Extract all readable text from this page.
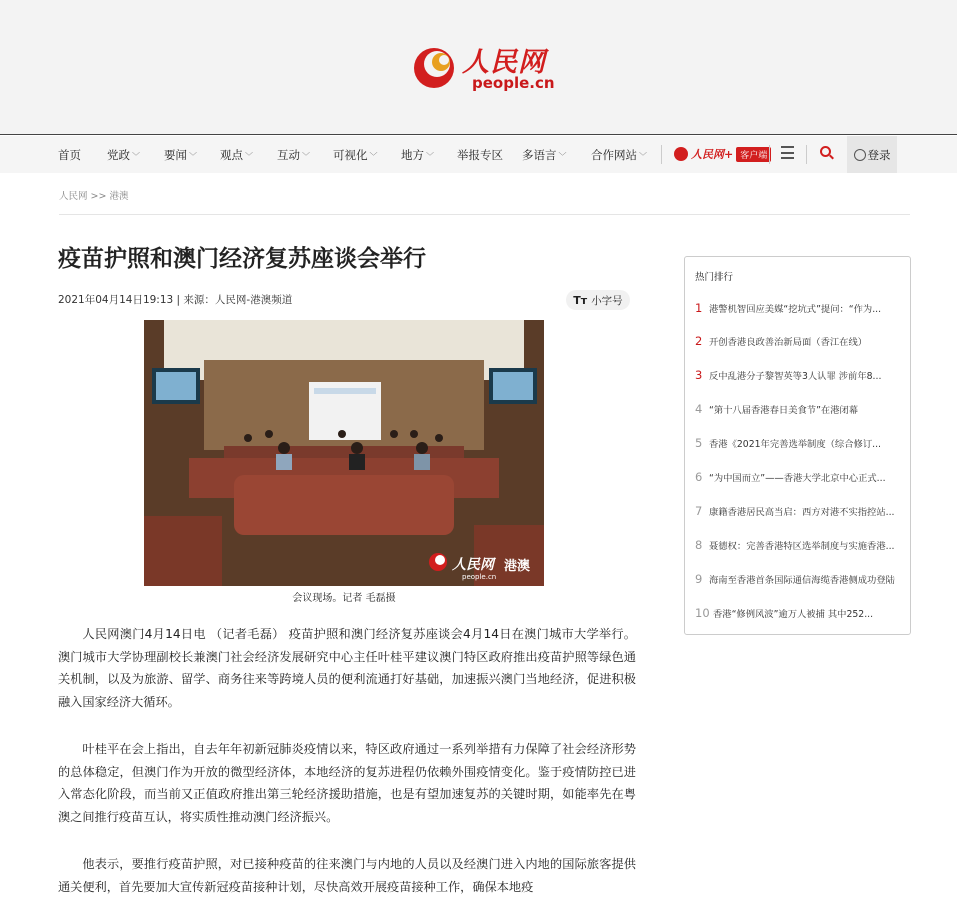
人民网
people.cn
首页 党政 ﹀ 要闻 ﹀ 观点 ﹀ 互动 ﹀ 可视化 ﹀ 地方 ﹀ 举报专区 多语言 ﹀ 合作网站 ﹀	人民网+ 客户端	登录
人民网 >> 港澳
疫苗护照和澳门经济复苏座谈会举行
2021年04月14日19:13 | 来源：人民网-港澳频道	Tт 小字号
人民网 港澳
people.cn
会议现场。记者 毛磊摄

人民网澳门4月14日电 （记者毛磊） 疫苗护照和澳门经济复苏座谈会4月14日在澳门城市大学举行。澳门城市大学协理副校长兼澳门社会经济发展研究中心主任叶桂平建议澳门特区政府推出疫苗护照等绿色通关机制，以及为旅游、留学、商务往来等跨境人员的便利流通打好基础，加速振兴澳门当地经济，促进积极融入国家经济大循环。

叶桂平在会上指出，自去年年初新冠肺炎疫情以来，特区政府通过一系列举措有力保障了社会经济形势的总体稳定，但澳门作为开放的微型经济体，本地经济的复苏进程仍依赖外围疫情变化。鉴于疫情防控已进入常态化阶段，而当前又正值政府推出第三轮经济援助措施，也是有望加速复苏的关键时期，如能率先在粤澳之间推行疫苗互认，将实质性推动澳门经济振兴。

他表示，要推行疫苗护照，对已接种疫苗的往来澳门与内地的人员以及经澳门进入内地的国际旅客提供通关便利，首先要加大宣传新冠疫苗接种计划，尽快高效开展疫苗接种工作，确保本地疫

热门排行
1 港警机智回应美媒“挖坑式”提问：“作为...
2 开创香港良政善治新局面（香江在线）
3 反中乱港分子黎智英等3人认罪 涉前年8...
4 “第十八届香港春日美食节”在港闭幕
5 香港《2021年完善选举制度（综合修订...
6 “为中国而立”——香港大学北京中心正式...
7 康籍香港居民高当启：西方对港不实指控站...
8 聂德权：完善香港特区选举制度与实施香港...
9 海南至香港首条国际通信海缆香港侧成功登陆
10 香港“修例风波”逾万人被捕 其中252...
